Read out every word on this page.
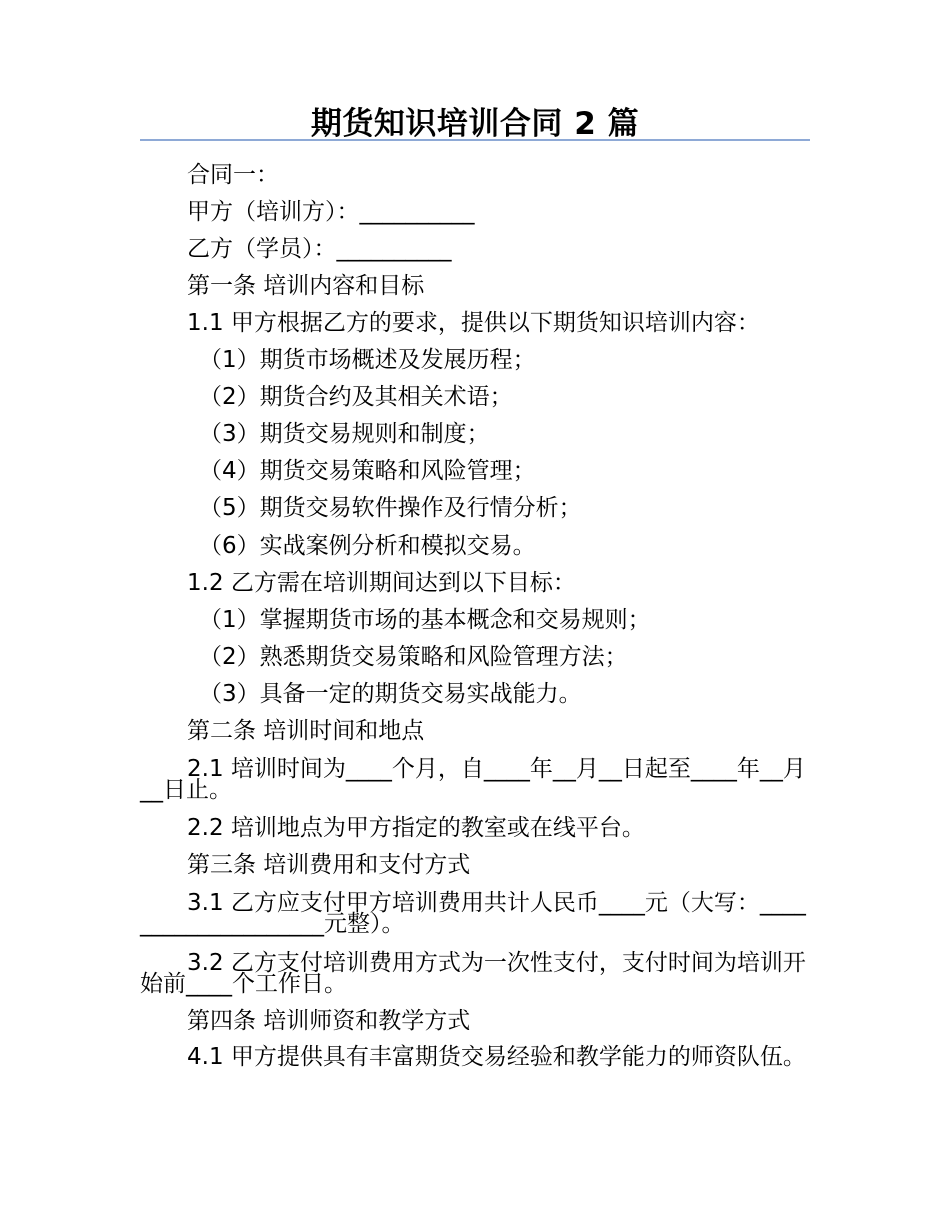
期货知识培训合同 2 篇
合同一：
甲方（培训方）：__________
乙方（学员）：__________
第一条 培训内容和目标
1.1 甲方根据乙方的要求，提供以下期货知识培训内容：
（1）期货市场概述及发展历程；
（2）期货合约及其相关术语；
（3）期货交易规则和制度；
（4）期货交易策略和风险管理；
（5）期货交易软件操作及行情分析；
（6）实战案例分析和模拟交易。
1.2 乙方需在培训期间达到以下目标：
（1）掌握期货市场的基本概念和交易规则；
（2）熟悉期货交易策略和风险管理方法；
（3）具备一定的期货交易实战能力。
第二条 培训时间和地点
2.1 培训时间为____个月，自____年__月__日起至____年__月__日止。
2.2 培训地点为甲方指定的教室或在线平台。
第三条 培训费用和支付方式
3.1 乙方应支付甲方培训费用共计人民币____元（大写：____________________元整）。
3.2 乙方支付培训费用方式为一次性支付，支付时间为培训开始前____个工作日。
第四条 培训师资和教学方式
4.1 甲方提供具有丰富期货交易经验和教学能力的师资队伍。
